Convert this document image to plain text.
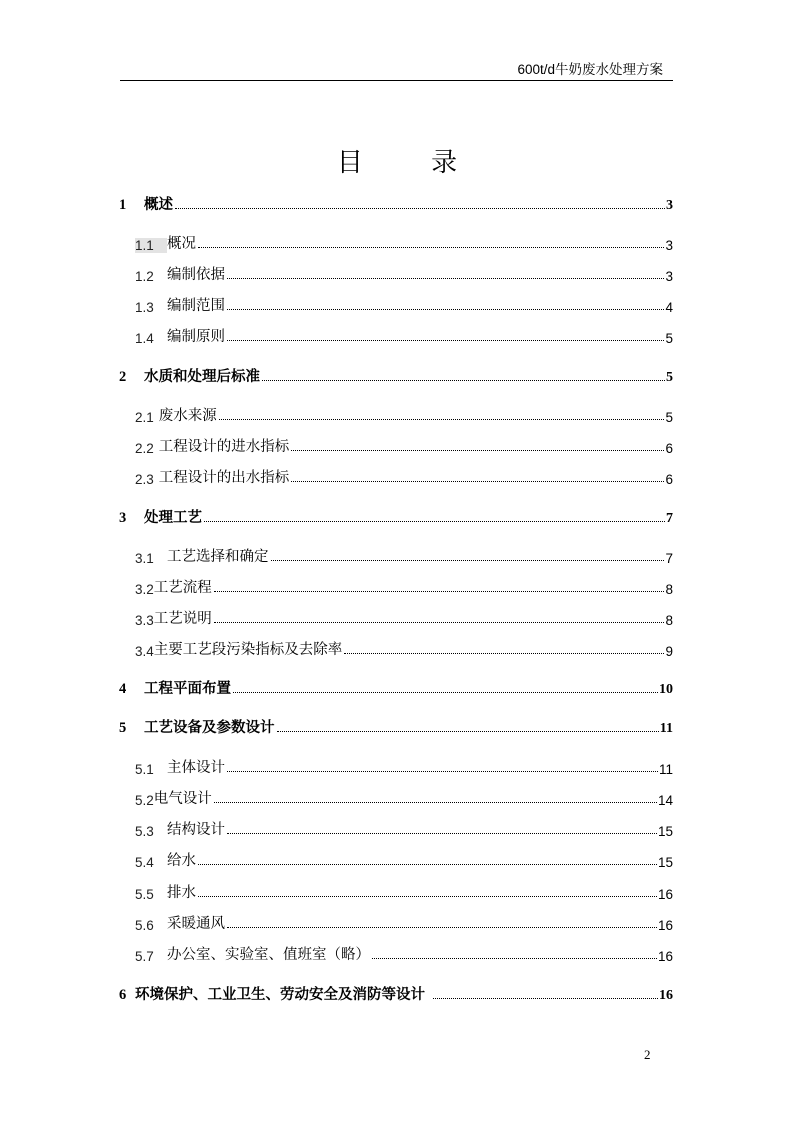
600t/d牛奶废水处理方案
目 录
1	概述	3
1.1 概况	3
1.2 编制依据	3
1.3 编制范围	4
1.4 编制原则	5
2	水质和处理后标准	5
2.1 废水来源	5
2.2 工程设计的进水指标	6
2.3 工程设计的出水指标	6
3	处理工艺	7
3.1 工艺选择和确定	7
3.2 工艺流程	8
3.3 工艺说明	8
3.4 主要工艺段污染指标及去除率	9
4	工程平面布置	10
5	工艺设备及参数设计	11
5.1 主体设计	11
5.2 电气设计	14
5.3 结构设计	15
5.4 给水	15
5.5 排水	16
5.6 采暖通风	16
5.7 办公室、实验室、值班室（略）	16
6 环境保护、工业卫生、劳动安全及消防等设计	16
2
